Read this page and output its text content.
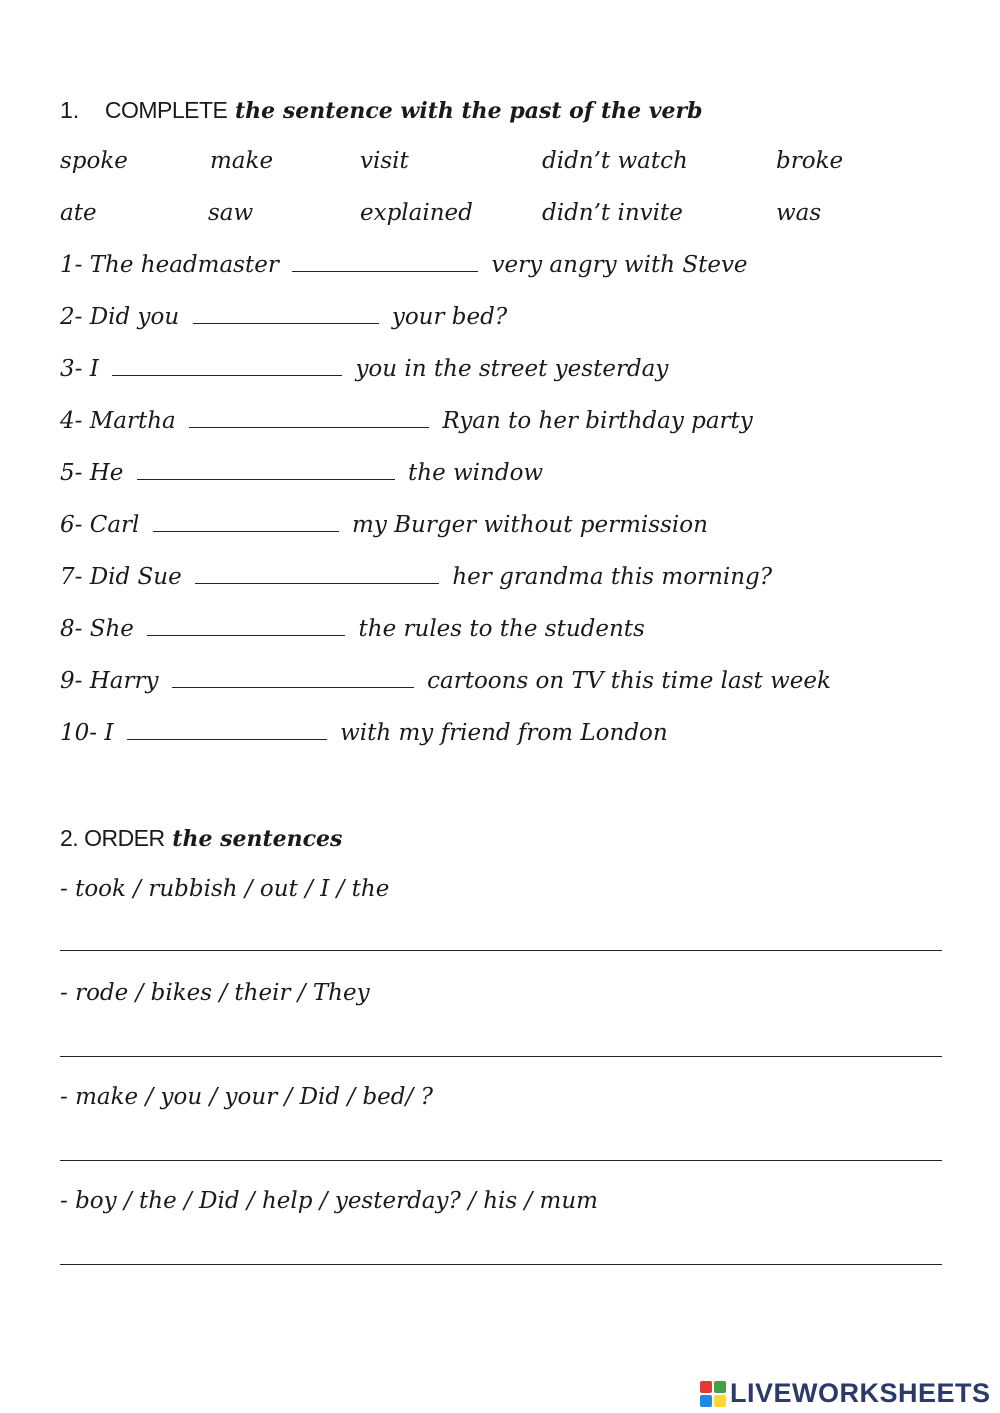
1. COMPLETE the sentence with the past of the verb
spoke	make	visit	didn’t watch	broke
ate	saw	explained	didn’t invite	was
1- The headmaster	very angry with Steve
2- Did you	your bed?
3- I	you in the street yesterday
4- Martha	Ryan to her birthday party
5- He	the window
6- Carl	my Burger without permission
7- Did Sue	her grandma this morning?
8- She	the rules to the students
9- Harry	cartoons on TV this time last week
10- I	with my friend from London
2. ORDER the sentences
- took / rubbish / out / I / the
- rode / bikes / their / They
- make / you / your / Did / bed/ ?
- boy / the / Did / help / yesterday? / his / mum
LIVEWORKSHEETS
